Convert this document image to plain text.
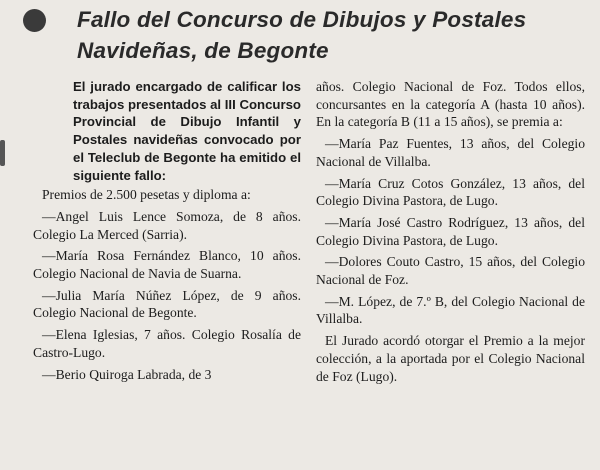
Fallo del Concurso de Dibujos y Postales Navideñas, de Begonte
El jurado encargado de calificar los trabajos presentados al III Concurso Provincial de Dibujo Infantil y Postales navideñas convocado por el Teleclub de Begonte ha emitido el siguiente fallo:

Premios de 2.500 pesetas y diploma a:

—Angel Luis Lence Somoza, de 8 años. Colegio La Merced (Sarria).

—María Rosa Fernández Blanco, 10 años. Colegio Nacional de Navia de Suarna.

—Julia María Núñez López, de 9 años. Colegio Nacional de Begonte.

—Elena Iglesias, 7 años. Colegio Rosalía de Castro-Lugo.

—Berio Quiroga Labrada, de 3

años. Colegio Nacional de Foz. Todos ellos, concursantes en la categoría A (hasta 10 años). En la categoría B (11 a 15 años), se premia a:

—María Paz Fuentes, 13 años, del Colegio Nacional de Villalba.

—María Cruz Cotos González, 13 años, del Colegio Divina Pastora, de Lugo.

—María José Castro Rodríguez, 13 años, del Colegio Divina Pastora, de Lugo.

—Dolores Couto Castro, 15 años, del Colegio Nacional de Foz.

—M. López, de 7.º B, del Colegio Nacional de Villalba.

El Jurado acordó otorgar el Premio a la mejor colección, a la aportada por el Colegio Nacional de Foz (Lugo).
